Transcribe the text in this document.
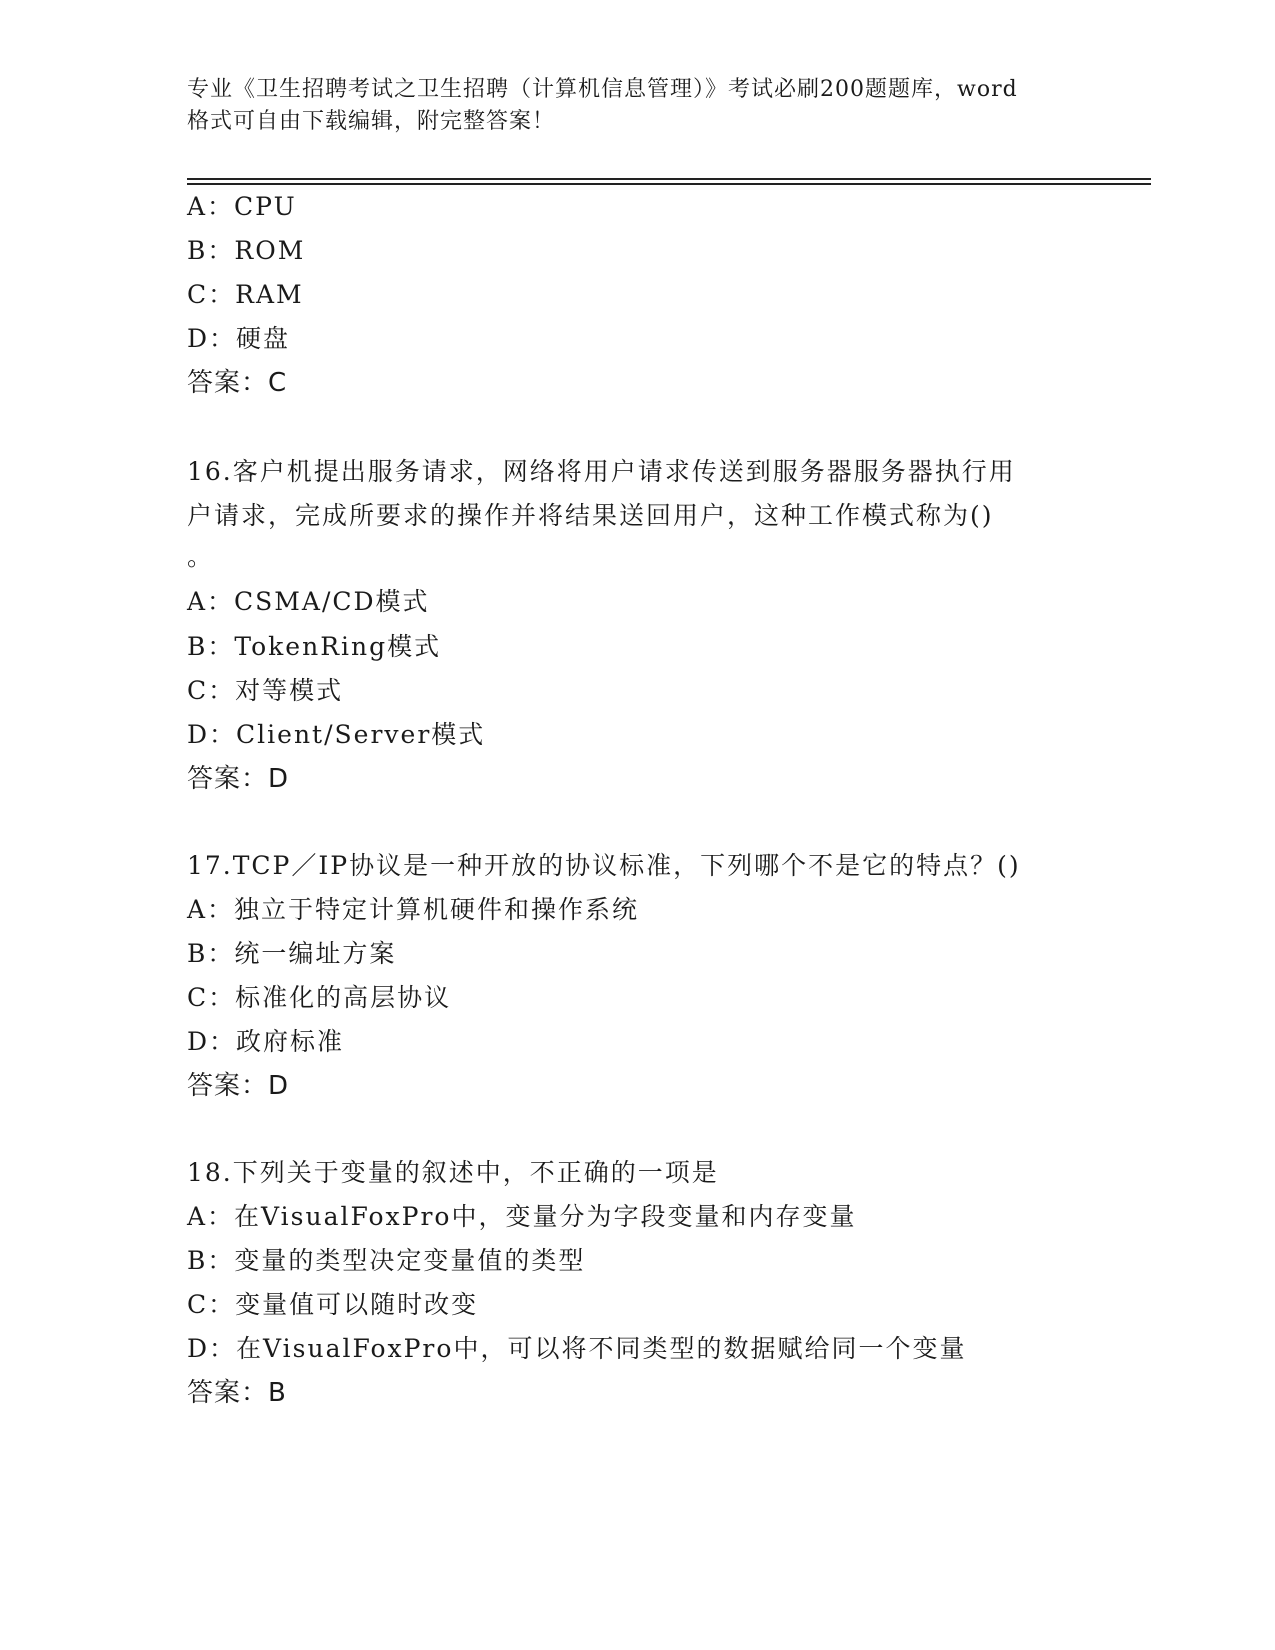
专业《卫生招聘考试之卫生招聘（计算机信息管理）》考试必刷200题题库，word
格式可自由下载编辑，附完整答案！
A：CPU
B：ROM
C：RAM
D：硬盘
答案：C
16.客户机提出服务请求，网络将用户请求传送到服务器服务器执行用
户请求，完成所要求的操作并将结果送回用户，这种工作模式称为()
。
A：CSMA/CD模式
B：TokenRing模式
C：对等模式
D：Client/Server模式
答案：D
17.TCP／IP协议是一种开放的协议标准，下列哪个不是它的特点？()
A：独立于特定计算机硬件和操作系统
B：统一编址方案
C：标准化的高层协议
D：政府标准
答案：D
18.下列关于变量的叙述中，不正确的一项是
A：在VisualFoxPro中，变量分为字段变量和内存变量
B：变量的类型决定变量值的类型
C：变量值可以随时改变
D：在VisualFoxPro中，可以将不同类型的数据赋给同一个变量
答案：B
